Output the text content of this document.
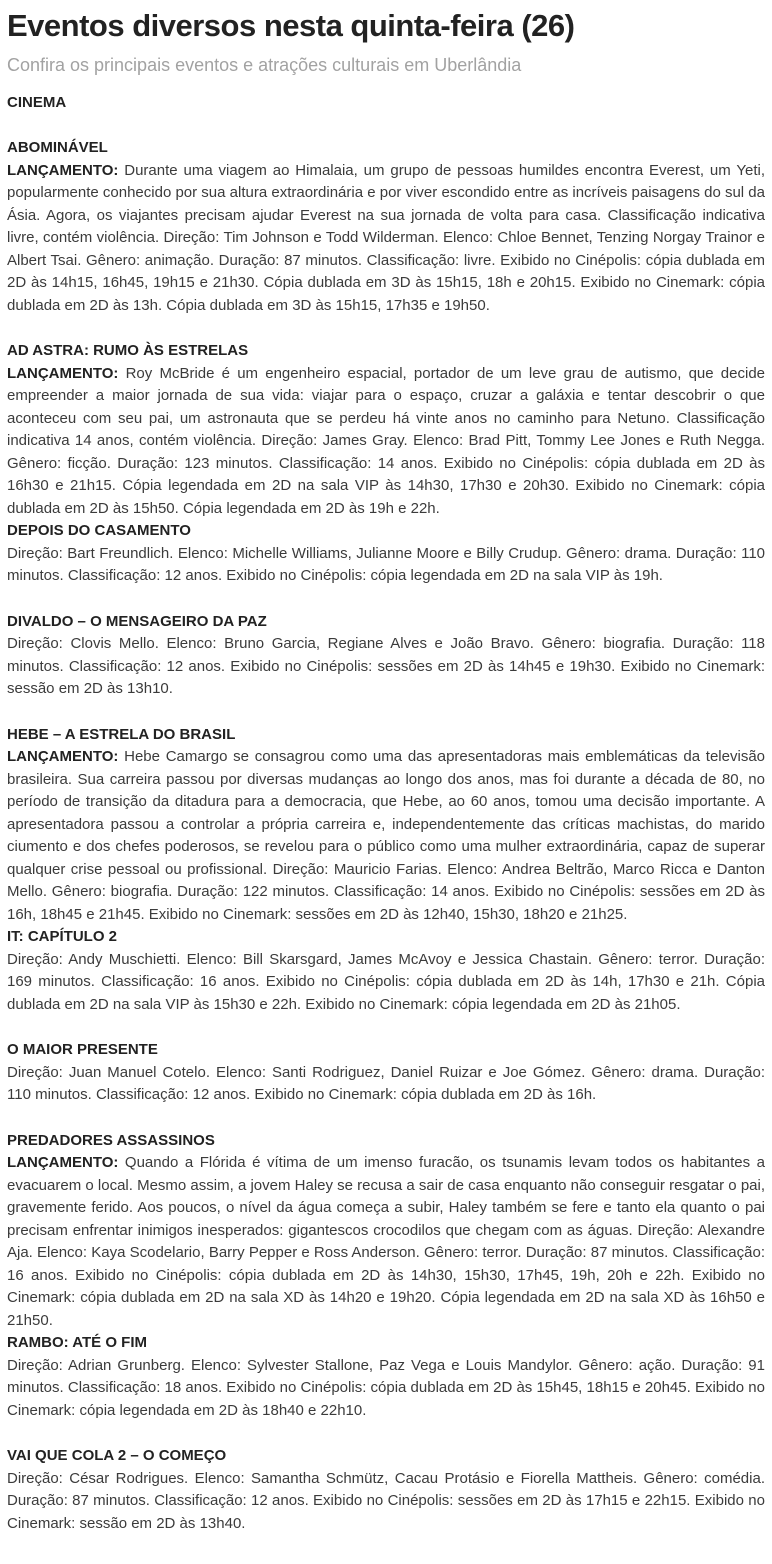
Eventos diversos nesta quinta-feira (26)

Confira os principais eventos e atrações culturais em Uberlândia

CINEMA
ABOMINÁVEL

LANÇAMENTO: Durante uma viagem ao Himalaia, um grupo de pessoas humildes encontra Everest, um Yeti, popularmente conhecido por sua altura extraordinária e por viver escondido entre as incríveis paisagens do sul da Ásia. Agora, os viajantes precisam ajudar Everest na sua jornada de volta para casa. Classificação indicativa livre, contém violência. Direção: Tim Johnson e Todd Wilderman. Elenco: Chloe Bennet, Tenzing Norgay Trainor e Albert Tsai. Gênero: animação. Duração: 87 minutos. Classificação: livre. Exibido no Cinépolis: cópia dublada em 2D às 14h15, 16h45, 19h15 e 21h30. Cópia dublada em 3D às 15h15, 18h e 20h15. Exibido no Cinemark: cópia dublada em 2D às 13h. Cópia dublada em 3D às 15h15, 17h35 e 19h50.

AD ASTRA: RUMO ÀS ESTRELAS

LANÇAMENTO: Roy McBride é um engenheiro espacial, portador de um leve grau de autismo, que decide empreender a maior jornada de sua vida: viajar para o espaço, cruzar a galáxia e tentar descobrir o que aconteceu com seu pai, um astronauta que se perdeu há vinte anos no caminho para Netuno. Classificação indicativa 14 anos, contém violência. Direção: James Gray. Elenco: Brad Pitt, Tommy Lee Jones e Ruth Negga. Gênero: ficção. Duração: 123 minutos. Classificação: 14 anos. Exibido no Cinépolis: cópia dublada em 2D às 16h30 e 21h15. Cópia legendada em 2D na sala VIP às 14h30, 17h30 e 20h30. Exibido no Cinemark: cópia dublada em 2D às 15h50. Cópia legendada em 2D às 19h e 22h.

DEPOIS DO CASAMENTO

Direção: Bart Freundlich. Elenco: Michelle Williams, Julianne Moore e Billy Crudup. Gênero: drama. Duração: 110 minutos. Classificação: 12 anos. Exibido no Cinépolis: cópia legendada em 2D na sala VIP às 19h.

DIVALDO – O MENSAGEIRO DA PAZ

Direção: Clovis Mello. Elenco: Bruno Garcia, Regiane Alves e João Bravo. Gênero: biografia. Duração: 118 minutos. Classificação: 12 anos. Exibido no Cinépolis: sessões em 2D às 14h45 e 19h30. Exibido no Cinemark: sessão em 2D às 13h10.

HEBE – A ESTRELA DO BRASIL

LANÇAMENTO: Hebe Camargo se consagrou como uma das apresentadoras mais emblemáticas da televisão brasileira. Sua carreira passou por diversas mudanças ao longo dos anos, mas foi durante a década de 80, no período de transição da ditadura para a democracia, que Hebe, ao 60 anos, tomou uma decisão importante. A apresentadora passou a controlar a própria carreira e, independentemente das críticas machistas, do marido ciumento e dos chefes poderosos, se revelou para o público como uma mulher extraordinária, capaz de superar qualquer crise pessoal ou profissional. Direção: Mauricio Farias. Elenco: Andrea Beltrão, Marco Ricca e Danton Mello. Gênero: biografia. Duração: 122 minutos. Classificação: 14 anos. Exibido no Cinépolis: sessões em 2D às 16h, 18h45 e 21h45. Exibido no Cinemark: sessões em 2D às 12h40, 15h30, 18h20 e 21h25.

IT: CAPÍTULO 2

Direção: Andy Muschietti. Elenco: Bill Skarsgard, James McAvoy e Jessica Chastain. Gênero: terror. Duração: 169 minutos. Classificação: 16 anos. Exibido no Cinépolis: cópia dublada em 2D às 14h, 17h30 e 21h. Cópia dublada em 2D na sala VIP às 15h30 e 22h. Exibido no Cinemark: cópia legendada em 2D às 21h05.

O MAIOR PRESENTE

Direção: Juan Manuel Cotelo. Elenco: Santi Rodriguez, Daniel Ruizar e Joe Gómez. Gênero: drama. Duração: 110 minutos. Classificação: 12 anos. Exibido no Cinemark: cópia dublada em 2D às 16h.

PREDADORES ASSASSINOS

LANÇAMENTO: Quando a Flórida é vítima de um imenso furacão, os tsunamis levam todos os habitantes a evacuarem o local. Mesmo assim, a jovem Haley se recusa a sair de casa enquanto não conseguir resgatar o pai, gravemente ferido. Aos poucos, o nível da água começa a subir, Haley também se fere e tanto ela quanto o pai precisam enfrentar inimigos inesperados: gigantescos crocodilos que chegam com as águas. Direção: Alexandre Aja. Elenco: Kaya Scodelario, Barry Pepper e Ross Anderson. Gênero: terror. Duração: 87 minutos. Classificação: 16 anos. Exibido no Cinépolis: cópia dublada em 2D às 14h30, 15h30, 17h45, 19h, 20h e 22h. Exibido no Cinemark: cópia dublada em 2D na sala XD às 14h20 e 19h20. Cópia legendada em 2D na sala XD às 16h50 e 21h50.

RAMBO: ATÉ O FIM

Direção: Adrian Grunberg. Elenco: Sylvester Stallone, Paz Vega e Louis Mandylor. Gênero: ação. Duração: 91 minutos. Classificação: 18 anos. Exibido no Cinépolis: cópia dublada em 2D às 15h45, 18h15 e 20h45. Exibido no Cinemark: cópia legendada em 2D às 18h40 e 22h10.

VAI QUE COLA 2 – O COMEÇO

Direção: César Rodrigues. Elenco: Samantha Schmütz, Cacau Protásio e Fiorella Mattheis. Gênero: comédia. Duração: 87 minutos. Classificação: 12 anos. Exibido no Cinépolis: sessões em 2D às 17h15 e 22h15. Exibido no Cinemark: sessão em 2D às 13h40.
